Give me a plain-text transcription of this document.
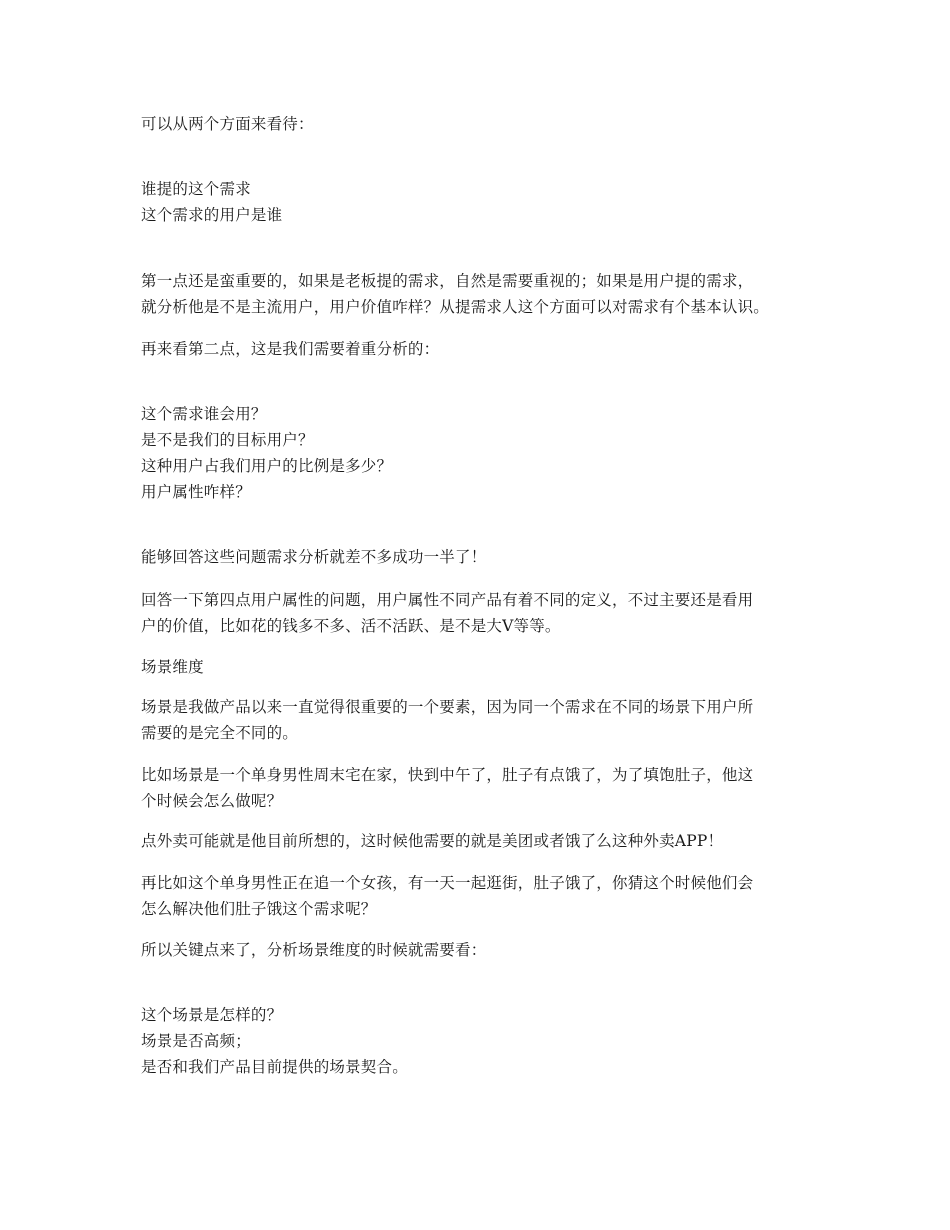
可以从两个方面来看待：
谁提的这个需求
这个需求的用户是谁
第一点还是蛮重要的，如果是老板提的需求，自然是需要重视的；如果是用户提的需求，
就分析他是不是主流用户，用户价值咋样？从提需求人这个方面可以对需求有个基本认识。
再来看第二点，这是我们需要着重分析的：
这个需求谁会用？
是不是我们的目标用户？
这种用户占我们用户的比例是多少？
用户属性咋样？
能够回答这些问题需求分析就差不多成功一半了！
回答一下第四点用户属性的问题，用户属性不同产品有着不同的定义，不过主要还是看用
户的价值，比如花的钱多不多、活不活跃、是不是大V等等。
场景维度
场景是我做产品以来一直觉得很重要的一个要素，因为同一个需求在不同的场景下用户所
需要的是完全不同的。
比如场景是一个单身男性周末宅在家，快到中午了，肚子有点饿了，为了填饱肚子，他这
个时候会怎么做呢？
点外卖可能就是他目前所想的，这时候他需要的就是美团或者饿了么这种外卖APP！
再比如这个单身男性正在追一个女孩，有一天一起逛街，肚子饿了，你猜这个时候他们会
怎么解决他们肚子饿这个需求呢？
所以关键点来了，分析场景维度的时候就需要看：
这个场景是怎样的？
场景是否高频；
是否和我们产品目前提供的场景契合。
